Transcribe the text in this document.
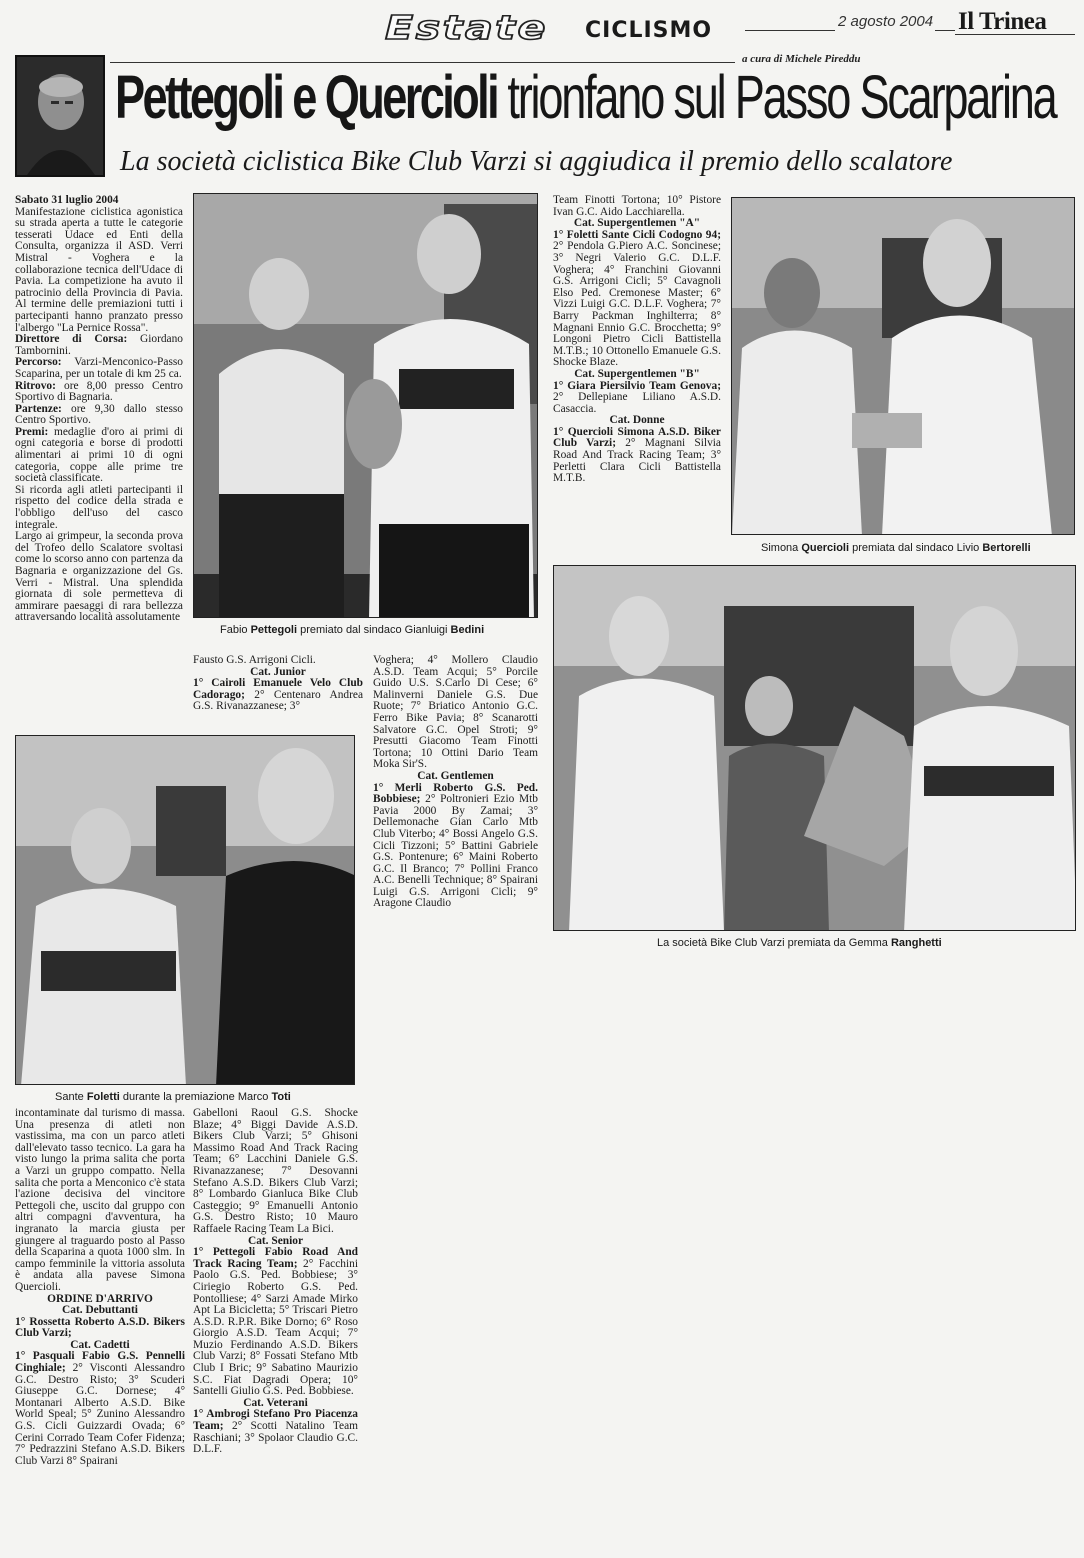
Estate CICLISMO	2 agosto 2004 Il Trinea
a cura di Michele Pireddu
Pettegoli e Quercioli trionfano sul Passo Scarparina
La società ciclistica Bike Club Varzi si aggiudica il premio dello scalatore
Fabio Pettegoli premiato dal sindaco Gianluigi Bedini
Simona Quercioli premiata dal sindaco Livio Bertorelli
La società Bike Club Varzi premiata da Gemma Ranghetti
Sante Foletti durante la premiazione Marco Toti

Sabato 31 luglio 2004

Manifestazione ciclistica agonistica su strada aperta a tutte le categorie tesserati Udace ed Enti della Consulta, organizza il ASD. Verri Mistral - Voghera e la collaborazione tecnica dell'Udace di Pavia. La competizione ha avuto il patrocinio della Provincia di Pavia. Al termine delle premiazioni tutti i partecipanti hanno pranzato presso l'albergo "La Pernice Rossa".

Direttore di Corsa: Giordano Tambornini.

Percorso: Varzi-Menconico-Passo Scaparina, per un totale di km 25 ca.

Ritrovo: ore 8,00 presso Centro Sportivo di Bagnaria.

Partenze: ore 9,30 dallo stesso Centro Sportivo.

Premi: medaglie d'oro ai primi di ogni categoria e borse di prodotti alimentari ai primi 10 di ogni categoria, coppe alle prime tre società classificate.

Si ricorda agli atleti partecipanti il rispetto del codice della strada e l'obbligo dell'uso del casco integrale.

Largo ai grimpeur, la seconda prova del Trofeo dello Scalatore svoltasi come lo scorso anno con partenza da Bagnaria e organizzazione del Gs. Verri - Mistral. Una splendida giornata di sole permetteva di ammirare paesaggi di rara bellezza attraversando località assolutamente

Team Finotti Tortona; 10° Pistore Ivan G.C. Aido Lacchiarella.

Cat. Supergentlemen "A"

1° Foletti Sante Cicli Codogno 94; 2° Pendola G.Piero A.C. Soncinese; 3° Negri Valerio G.C. D.L.F. Voghera; 4° Franchini Giovanni G.S. Arrigoni Cicli; 5° Cavagnoli Elso Ped. Cremonese Master; 6° Vizzi Luigi G.C. D.L.F. Voghera; 7° Barry Packman Inghilterra; 8° Magnani Ennio G.C. Brocchetta; 9° Longoni Pietro Cicli Battistella M.T.B.; 10 Ottonello Emanuele G.S. Shocke Blaze.

Cat. Supergentlemen "B"

1° Giara Piersilvio Team Genova; 2° Dellepiane Liliano A.S.D. Casaccia.

Cat. Donne

1° Quercioli Simona A.S.D. Biker Club Varzi; 2° Magnani Silvia Road And Track Racing Team; 3° Perletti Clara Cicli Battistella M.T.B.

Fausto G.S. Arrigoni Cicli.

Cat. Junior

1° Cairoli Emanuele Velo Club Cadorago; 2° Centenaro Andrea G.S. Rivanazzanese; 3°

Voghera; 4° Mollero Claudio A.S.D. Team Acqui; 5° Porcile Guido U.S. S.Carlo Di Cese; 6° Malinverni Daniele G.S. Due Ruote; 7° Briatico Antonio G.C. Ferro Bike Pavia; 8° Scanarotti Salvatore G.C. Opel Stroti; 9° Presutti Giacomo Team Finotti Tortona; 10 Ottini Dario Team Moka Sir'S.

Cat. Gentlemen

1° Merli Roberto G.S. Ped. Bobbiese; 2° Poltronieri Ezio Mtb Pavia 2000 By Zamai; 3° Dellemonache Gian Carlo Mtb Club Viterbo; 4° Bossi Angelo G.S. Cicli Tizzoni; 5° Battini Gabriele G.S. Pontenure; 6° Maini Roberto G.C. Il Branco; 7° Pollini Franco A.C. Benelli Technique; 8° Spairani Luigi G.S. Arrigoni Cicli; 9° Aragone Claudio

incontaminate dal turismo di massa. Una presenza di atleti non vastissima, ma con un parco atleti dall'elevato tasso tecnico. La gara ha visto lungo la prima salita che porta a Varzi un gruppo compatto. Nella salita che porta a Menconico c'è stata l'azione decisiva del vincitore Pettegoli che, uscito dal gruppo con altri compagni d'avventura, ha ingranato la marcia giusta per giungere al traguardo posto al Passo della Scaparina a quota 1000 slm. In campo femminile la vittoria assoluta è andata alla pavese Simona Quercioli.

ORDINE D'ARRIVO

Cat. Debuttanti

1° Rossetta Roberto A.S.D. Bikers Club Varzi;

Cat. Cadetti

1° Pasquali Fabio G.S. Pennelli Cinghiale; 2° Visconti Alessandro G.C. Destro Risto; 3° Scuderi Giuseppe G.C. Dornese; 4° Montanari Alberto A.S.D. Bike World Speal; 5° Zunino Alessandro G.S. Cicli Guizzardi Ovada; 6° Cerini Corrado Team Cofer Fidenza; 7° Pedrazzini Stefano A.S.D. Bikers Club Varzi 8° Spairani

Gabelloni Raoul G.S. Shocke Blaze; 4° Biggi Davide A.S.D. Bikers Club Varzi; 5° Ghisoni Massimo Road And Track Racing Team; 6° Lacchini Daniele G.S. Rivanazzanese; 7° Desovanni Stefano A.S.D. Bikers Club Varzi; 8° Lombardo Gianluca Bike Club Casteggio; 9° Emanuelli Antonio G.S. Destro Risto; 10 Mauro Raffaele Racing Team La Bici.

Cat. Senior

1° Pettegoli Fabio Road And Track Racing Team; 2° Facchini Paolo G.S. Ped. Bobbiese; 3° Ciriegio Roberto G.S. Ped. Pontolliese; 4° Sarzi Amade Mirko Apt La Bicicletta; 5° Triscari Pietro A.S.D. R.P.R. Bike Dorno; 6° Roso Giorgio A.S.D. Team Acqui; 7° Muzio Ferdinando A.S.D. Bikers Club Varzi; 8° Fossati Stefano Mtb Club I Bric; 9° Sabatino Maurizio S.C. Fiat Dagradi Opera; 10° Santelli Giulio G.S. Ped. Bobbiese.

Cat. Veterani

1° Ambrogi Stefano Pro Piacenza Team; 2° Scotti Natalino Team Raschiani; 3° Spolaor Claudio G.C. D.L.F.
